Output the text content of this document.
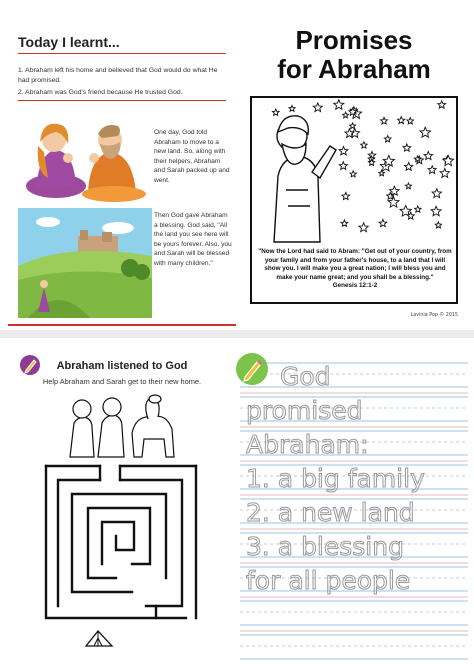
Today I learnt...
1. Abraham left his home and believed that God would do what He had promised.
2. Abraham was God's friend because He trusted God.
One day, God told Abraham to move to a new land. So, along with their helpers, Abraham and Sarah packed up and went.
Then God gave Abraham a blessing. God said, "All the land you see here will be yours forever. Also, you and Sarah will be blessed with many children."
Promises
for Abraham
"Now the Lord had said to Abram: "Get out of your country, from your family and from your father's house, to a land that I will show you. I will make you a great nation; I will bless you and make your name great; and you shall be a blessing."
Genesis 12:1-2
Lavinia Pop © 2015
Abraham listened to God
Help Abraham and Sarah get to their new home.	God
promised
Abraham:
1. a big family
2. a new land
3. a blessing
for all people
